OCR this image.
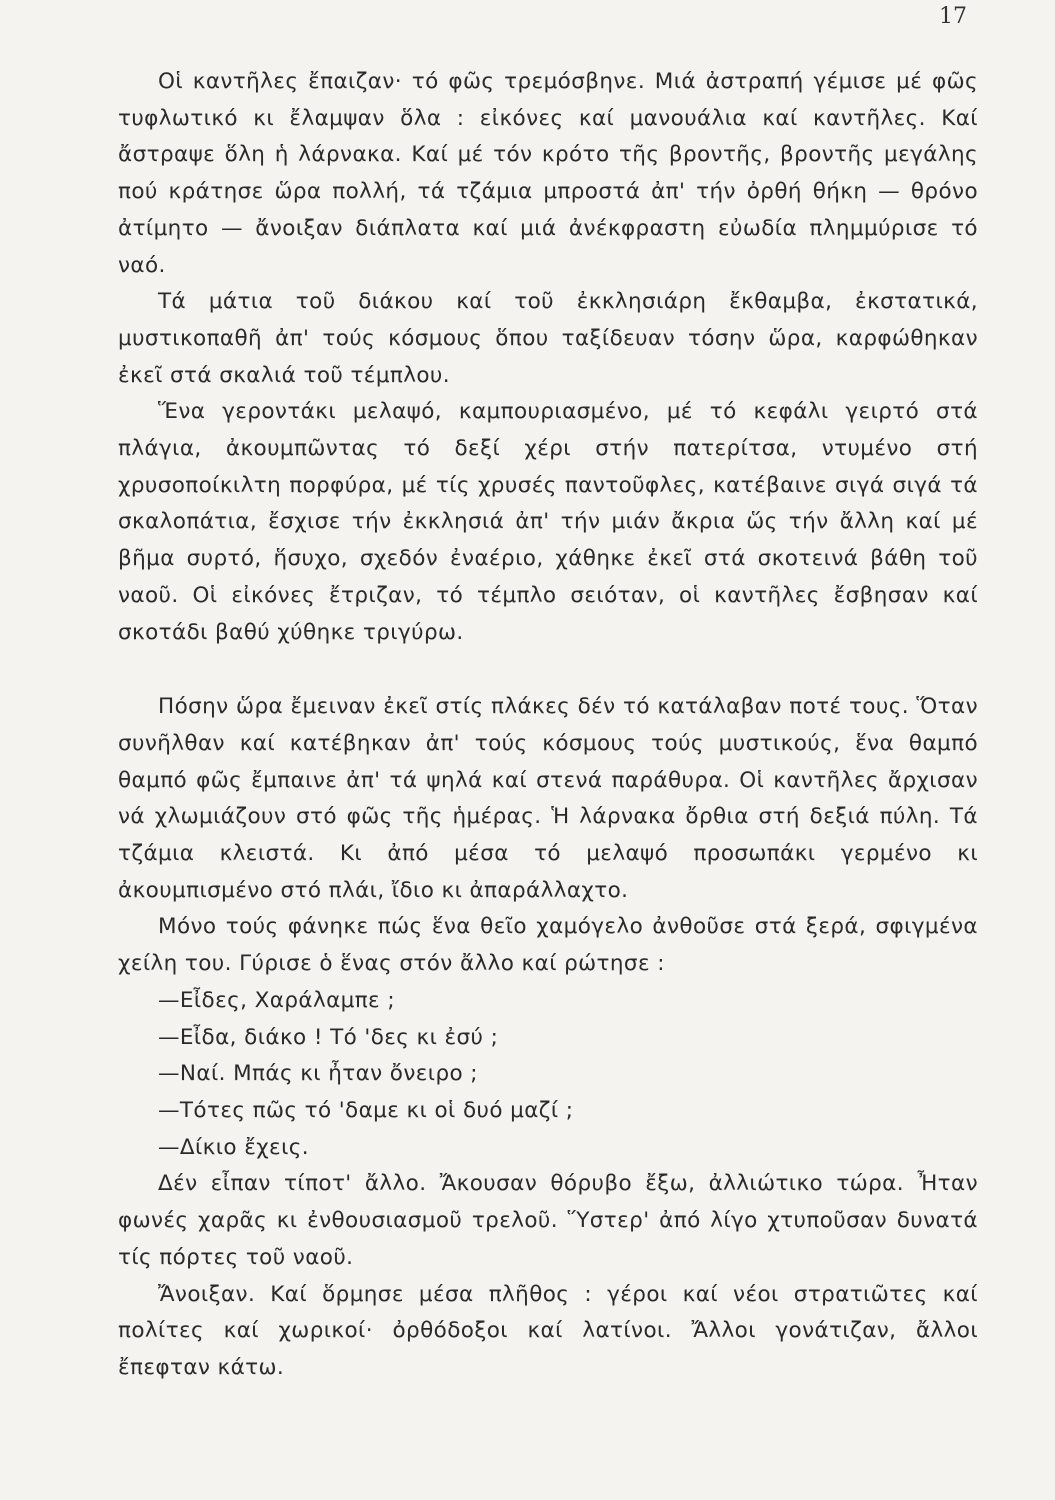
17

Οἱ καντῆλες ἔπαιζαν· τό φῶς τρεμόσβηνε. Μιά ἀστραπή γέμισε μέ φῶς τυφλωτικό κι ἔλαμψαν ὅλα : εἰκόνες καί μανουάλια καί καντῆλες. Καί ἄστραψε ὅλη ἡ λάρνακα. Καί μέ τόν κρότο τῆς βροντῆς, βροντῆς μεγάλης πού κράτησε ὥρα πολλή, τά τζάμια μπροστά ἀπ' τήν ὀρθή θήκη — θρόνο ἀτίμητο — ἄνοιξαν διάπλατα καί μιά ἀνέκφραστη εὐωδία πλημμύρισε τό ναό.

Τά μάτια τοῦ διάκου καί τοῦ ἐκκλησιάρη ἔκθαμβα, ἐκστατικά, μυστικοπαθῆ ἀπ' τούς κόσμους ὅπου ταξίδευαν τόσην ὥρα, καρφώθηκαν ἐκεῖ στά σκαλιά τοῦ τέμπλου.

Ἕνα γεροντάκι μελαψό, καμπουριασμένο, μέ τό κεφάλι γειρτό στά πλάγια, ἀκουμπῶντας τό δεξί χέρι στήν πατερίτσα, ντυμένο στή χρυσοποίκιλτη πορφύρα, μέ τίς χρυσές παντοῦφλες, κατέβαινε σιγά σιγά τά σκαλοπάτια, ἔσχισε τήν ἐκκλησιά ἀπ' τήν μιάν ἄκρια ὥς τήν ἄλλη καί μέ βῆμα συρτό, ἥσυχο, σχεδόν ἐναέριο, χάθηκε ἐκεῖ στά σκοτεινά βάθη τοῦ ναοῦ. Οἱ εἰκόνες ἔτριζαν, τό τέμπλο σειόταν, οἱ καντῆλες ἔσβησαν καί σκοτάδι βαθύ χύθηκε τριγύρω.

Πόσην ὥρα ἔμειναν ἐκεῖ στίς πλάκες δέν τό κατάλαβαν ποτέ τους. Ὅταν συνῆλθαν καί κατέβηκαν ἀπ' τούς κόσμους τούς μυστικούς, ἕνα θαμπό θαμπό φῶς ἔμπαινε ἀπ' τά ψηλά καί στενά παράθυρα. Οἱ καντῆλες ἄρχισαν νά χλωμιάζουν στό φῶς τῆς ἡμέρας. Ἡ λάρνακα ὄρθια στή δεξιά πύλη. Τά τζάμια κλειστά. Κι ἀπό μέσα τό μελαψό προσωπάκι γερμένο κι ἀκουμπισμένο στό πλάι, ἴδιο κι ἀπαράλλαχτο.

Μόνο τούς φάνηκε πώς ἕνα θεῖο χαμόγελο ἀνθοῦσε στά ξερά, σφιγμένα χείλη του. Γύρισε ὁ ἕνας στόν ἄλλο καί ρώτησε :

—Εἶδες, Χαράλαμπε ;

—Εἶδα, διάκο ! Τό 'δες κι ἐσύ ;

—Ναί. Μπάς κι ἦταν ὄνειρο ;

—Τότες πῶς τό 'δαμε κι οἱ δυό μαζί ;

—Δίκιο ἔχεις.

Δέν εἶπαν τίποτ' ἄλλο. Ἄκουσαν θόρυβο ἔξω, ἀλλιώτικο τώρα. Ἦταν φωνές χαρᾶς κι ἐνθουσιασμοῦ τρελοῦ. Ὕστερ' ἀπό λίγο χτυποῦσαν δυνατά τίς πόρτες τοῦ ναοῦ.

Ἄνοιξαν. Καί ὅρμησε μέσα πλῆθος : γέροι καί νέοι στρατιῶτες καί πολίτες καί χωρικοί· ὀρθόδοξοι καί λατίνοι. Ἄλλοι γονάτιζαν, ἄλλοι ἔπεφταν κάτω.
